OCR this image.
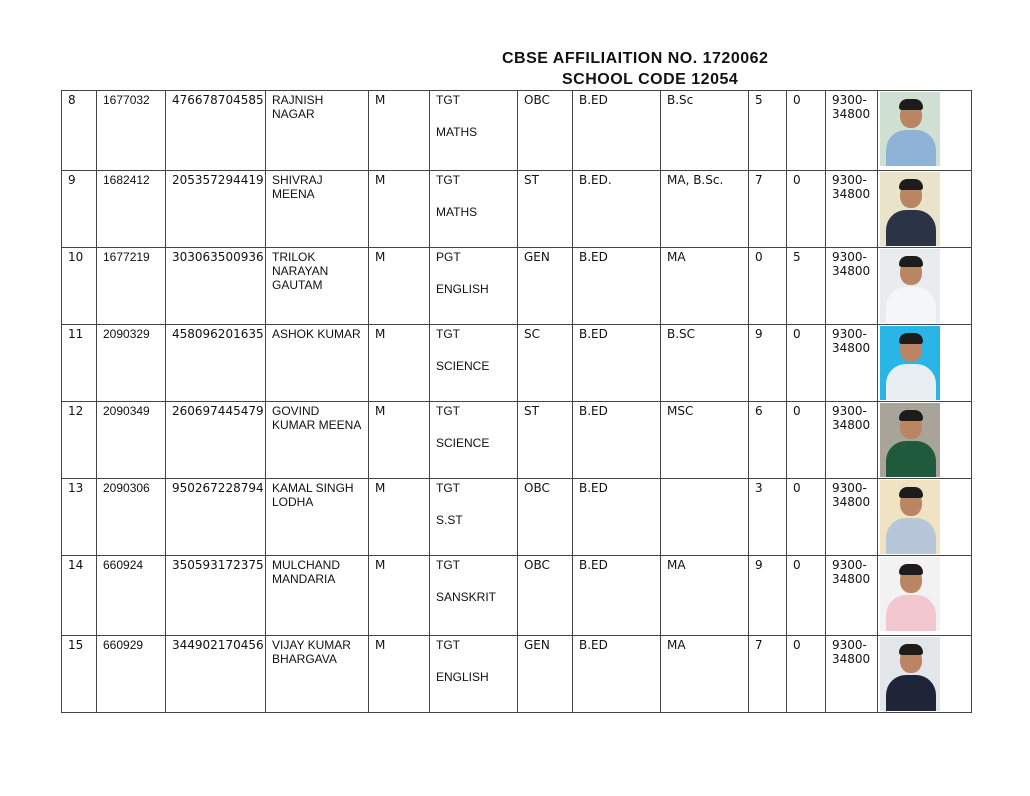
CBSE AFFILIAITION NO. 1720062
SCHOOL CODE 12054
8	1677032	476678704585	RAJNISH NAGAR	M	TGT
MATHS	OBC	B.ED	B.Sc	5	0	9300-
34800	

9	1682412	205357294419	SHIVRAJ MEENA	M	TGT
MATHS	ST	B.ED.	MA, B.Sc.	7	0	9300-
34800	

10	1677219	303063500936	TRILOK NARAYAN GAUTAM	M	PGT
ENGLISH	GEN	B.ED	MA	0	5	9300-
34800	

11	2090329	458096201635	ASHOK KUMAR	M	TGT
SCIENCE	SC	B.ED	B.SC	9	0	9300-
34800	

12	2090349	260697445479	GOVIND KUMAR MEENA	M	TGT
SCIENCE	ST	B.ED	MSC	6	0	9300-
34800	

13	2090306	950267228794	KAMAL SINGH LODHA	M	TGT
S.ST	OBC	B.ED		3	0	9300-
34800	

14	660924	350593172375	MULCHAND MANDARIA	M	TGT
SANSKRIT	OBC	B.ED	MA	9	0	9300-
34800	

15	660929	344902170456	VIJAY KUMAR BHARGAVA	M	TGT
ENGLISH	GEN	B.ED	MA	7	0	9300-
34800	
